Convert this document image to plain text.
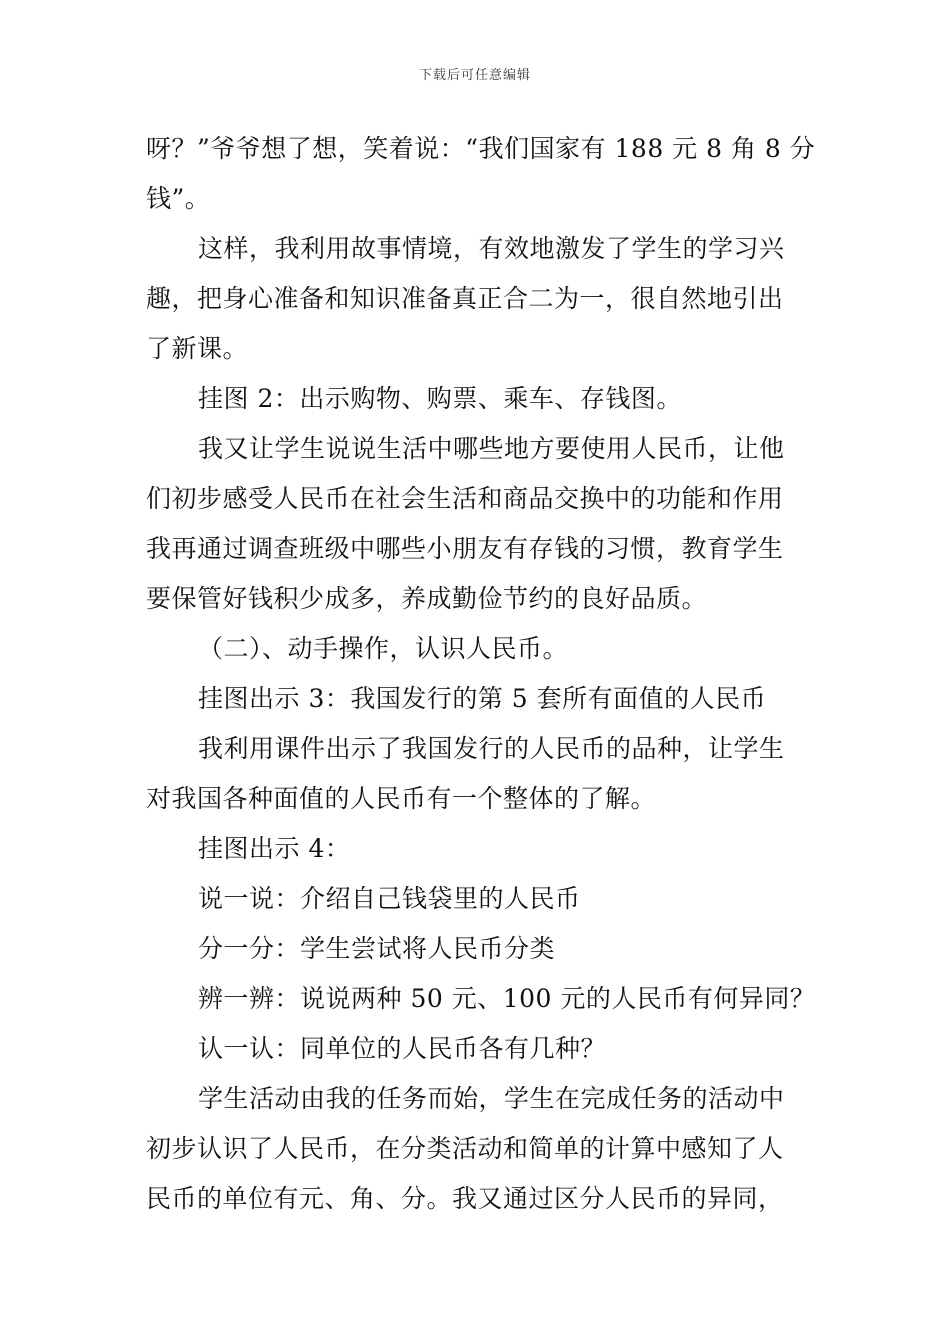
下载后可任意编辑
呀？”爷爷想了想，笑着说：“我们国家有 188 元 8 角 8 分
钱”。
这样，我利用故事情境，有效地激发了学生的学习兴
趣，把身心准备和知识准备真正合二为一，很自然地引出
了新课。
挂图 2：出示购物、购票、乘车、存钱图。
我又让学生说说生活中哪些地方要使用人民币，让他
们初步感受人民币在社会生活和商品交换中的功能和作用
我再通过调查班级中哪些小朋友有存钱的习惯，教育学生
要保管好钱积少成多，养成勤俭节约的良好品质。
（二）、动手操作，认识人民币。
挂图出示 3：我国发行的第 5 套所有面值的人民币
我利用课件出示了我国发行的人民币的品种，让学生
对我国各种面值的人民币有一个整体的了解。
挂图出示 4：
说一说：介绍自己钱袋里的人民币
分一分：学生尝试将人民币分类
辨一辨：说说两种 50 元、100 元的人民币有何异同？
认一认：同单位的人民币各有几种？
学生活动由我的任务而始，学生在完成任务的活动中
初步认识了人民币，在分类活动和简单的计算中感知了人
民币的单位有元、角、分。我又通过区分人民币的异同，
